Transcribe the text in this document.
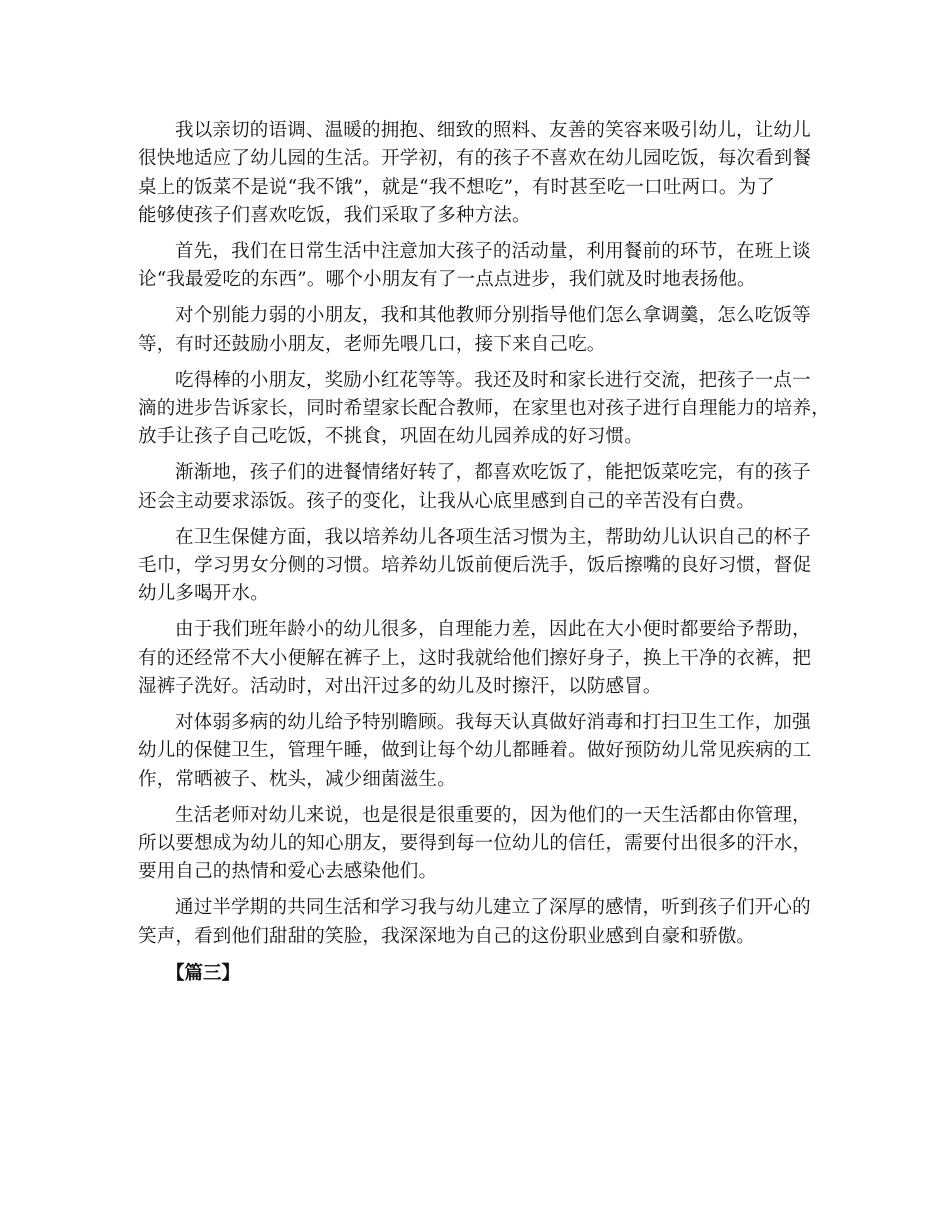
我以亲切的语调、温暖的拥抱、细致的照料、友善的笑容来吸引幼儿，让幼儿
很快地适应了幼儿园的生活。开学初，有的孩子不喜欢在幼儿园吃饭，每次看到餐
桌上的饭菜不是说“我不饿”，就是“我不想吃”，有时甚至吃一口吐两口。为了
能够使孩子们喜欢吃饭，我们采取了多种方法。

首先，我们在日常生活中注意加大孩子的活动量，利用餐前的环节，在班上谈
论“我最爱吃的东西”。哪个小朋友有了一点点进步，我们就及时地表扬他。

对个别能力弱的小朋友，我和其他教师分别指导他们怎么拿调羹，怎么吃饭等
等，有时还鼓励小朋友，老师先喂几口，接下来自己吃。

吃得棒的小朋友，奖励小红花等等。我还及时和家长进行交流，把孩子一点一
滴的进步告诉家长，同时希望家长配合教师，在家里也对孩子进行自理能力的培养，
放手让孩子自己吃饭，不挑食，巩固在幼儿园养成的好习惯。

渐渐地，孩子们的进餐情绪好转了，都喜欢吃饭了，能把饭菜吃完，有的孩子
还会主动要求添饭。孩子的变化，让我从心底里感到自己的辛苦没有白费。

在卫生保健方面，我以培养幼儿各项生活习惯为主，帮助幼儿认识自己的杯子
毛巾，学习男女分侧的习惯。培养幼儿饭前便后洗手，饭后擦嘴的良好习惯，督促
幼儿多喝开水。

由于我们班年龄小的幼儿很多，自理能力差，因此在大小便时都要给予帮助，
有的还经常不大小便解在裤子上，这时我就给他们擦好身子，换上干净的衣裤，把
湿裤子洗好。活动时，对出汗过多的幼儿及时擦汗，以防感冒。

对体弱多病的幼儿给予特别瞻顾。我每天认真做好消毒和打扫卫生工作，加强
幼儿的保健卫生，管理午睡，做到让每个幼儿都睡着。做好预防幼儿常见疾病的工
作，常晒被子、枕头，减少细菌滋生。

生活老师对幼儿来说，也是很是很重要的，因为他们的一天生活都由你管理，
所以要想成为幼儿的知心朋友，要得到每一位幼儿的信任，需要付出很多的汗水，
要用自己的热情和爱心去感染他们。

通过半学期的共同生活和学习我与幼儿建立了深厚的感情，听到孩子们开心的
笑声，看到他们甜甜的笑脸，我深深地为自己的这份职业感到自豪和骄傲。

【篇三】
